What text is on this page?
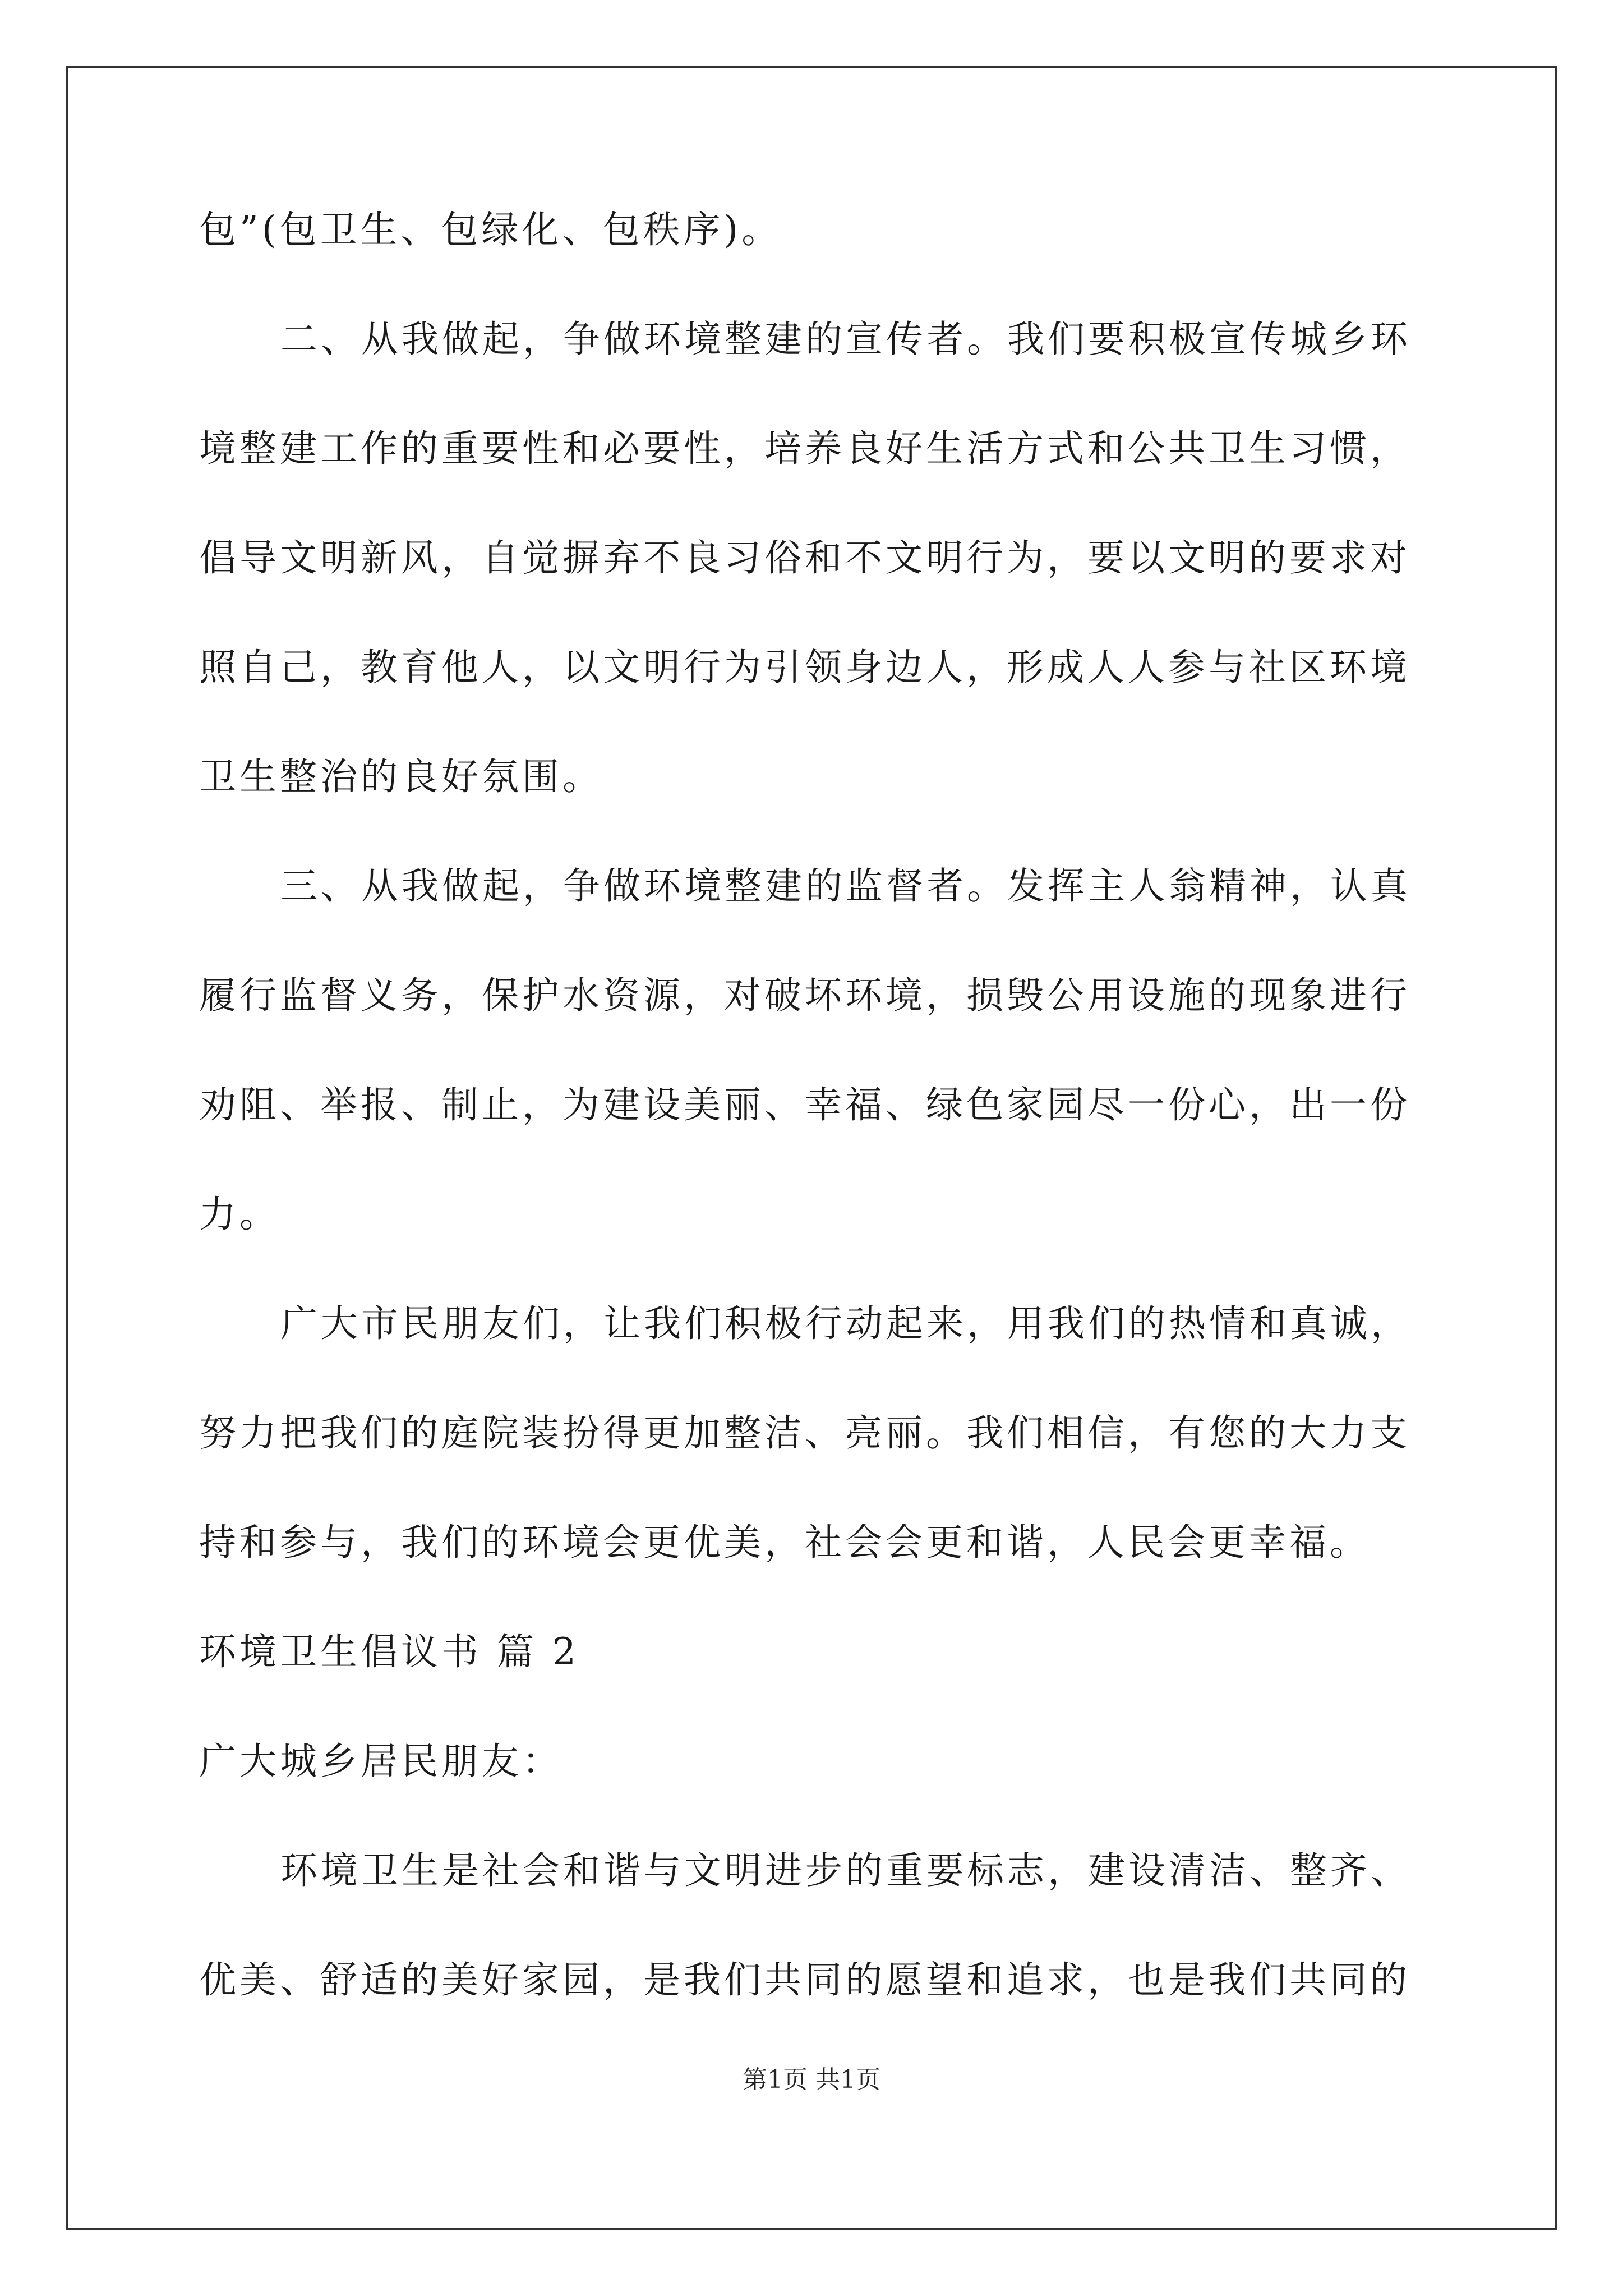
包”(包卫生、包绿化、包秩序)。
二、从我做起，争做环境整建的宣传者。我们要积极宣传城乡环
境整建工作的重要性和必要性，培养良好生活方式和公共卫生习惯，
倡导文明新风，自觉摒弃不良习俗和不文明行为，要以文明的要求对
照自己，教育他人，以文明行为引领身边人，形成人人参与社区环境
卫生整治的良好氛围。
三、从我做起，争做环境整建的监督者。发挥主人翁精神，认真
履行监督义务，保护水资源，对破坏环境，损毁公用设施的现象进行
劝阻、举报、制止，为建设美丽、幸福、绿色家园尽一份心，出一份
力。
广大市民朋友们，让我们积极行动起来，用我们的热情和真诚，
努力把我们的庭院装扮得更加整洁、亮丽。我们相信，有您的大力支
持和参与，我们的环境会更优美，社会会更和谐，人民会更幸福。
环境卫生倡议书 篇 2
广大城乡居民朋友：
环境卫生是社会和谐与文明进步的重要标志，建设清洁、整齐、
优美、舒适的美好家园，是我们共同的愿望和追求，也是我们共同的
第1页 共1页
